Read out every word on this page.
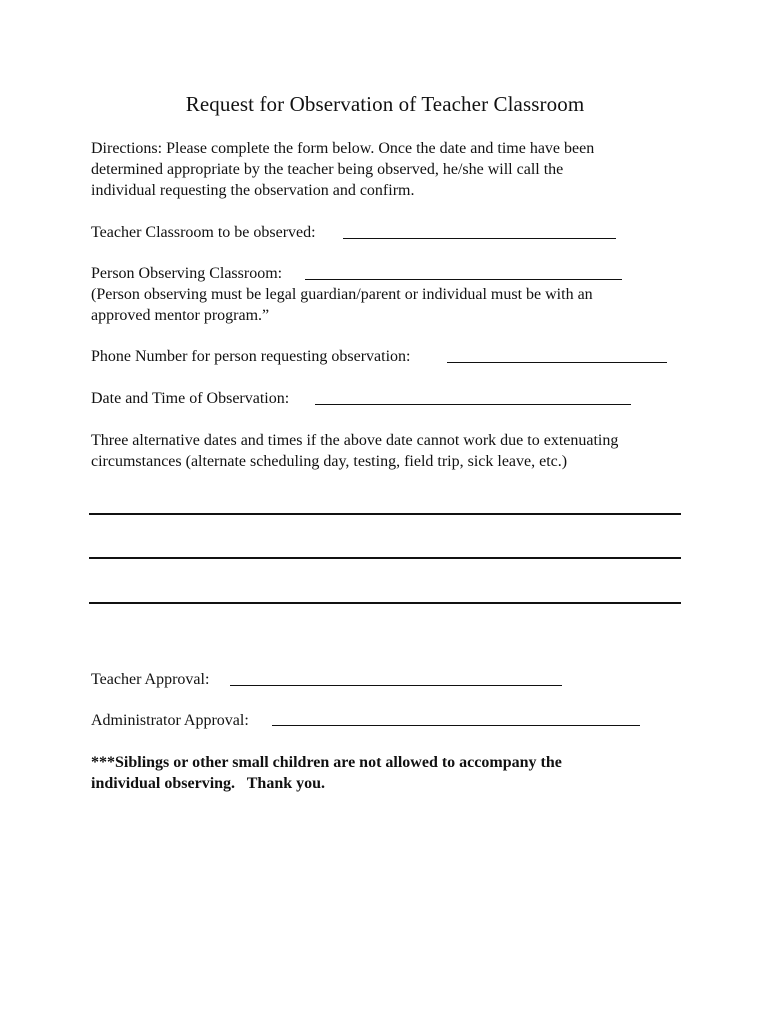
Request for Observation of Teacher Classroom
Directions: Please complete the form below. Once the date and time have been
determined appropriate by the teacher being observed, he/she will call the
individual requesting the observation and confirm.
Teacher Classroom to be observed:
Person Observing Classroom:
(Person observing must be legal guardian/parent or individual must be with an
approved mentor program.”
Phone Number for person requesting observation:
Date and Time of Observation:
Three alternative dates and times if the above date cannot work due to extenuating
circumstances (alternate scheduling day, testing, field trip, sick leave, etc.)
Teacher Approval:
Administrator Approval:
***Siblings or other small children are not allowed to accompany the
individual observing.   Thank you.
